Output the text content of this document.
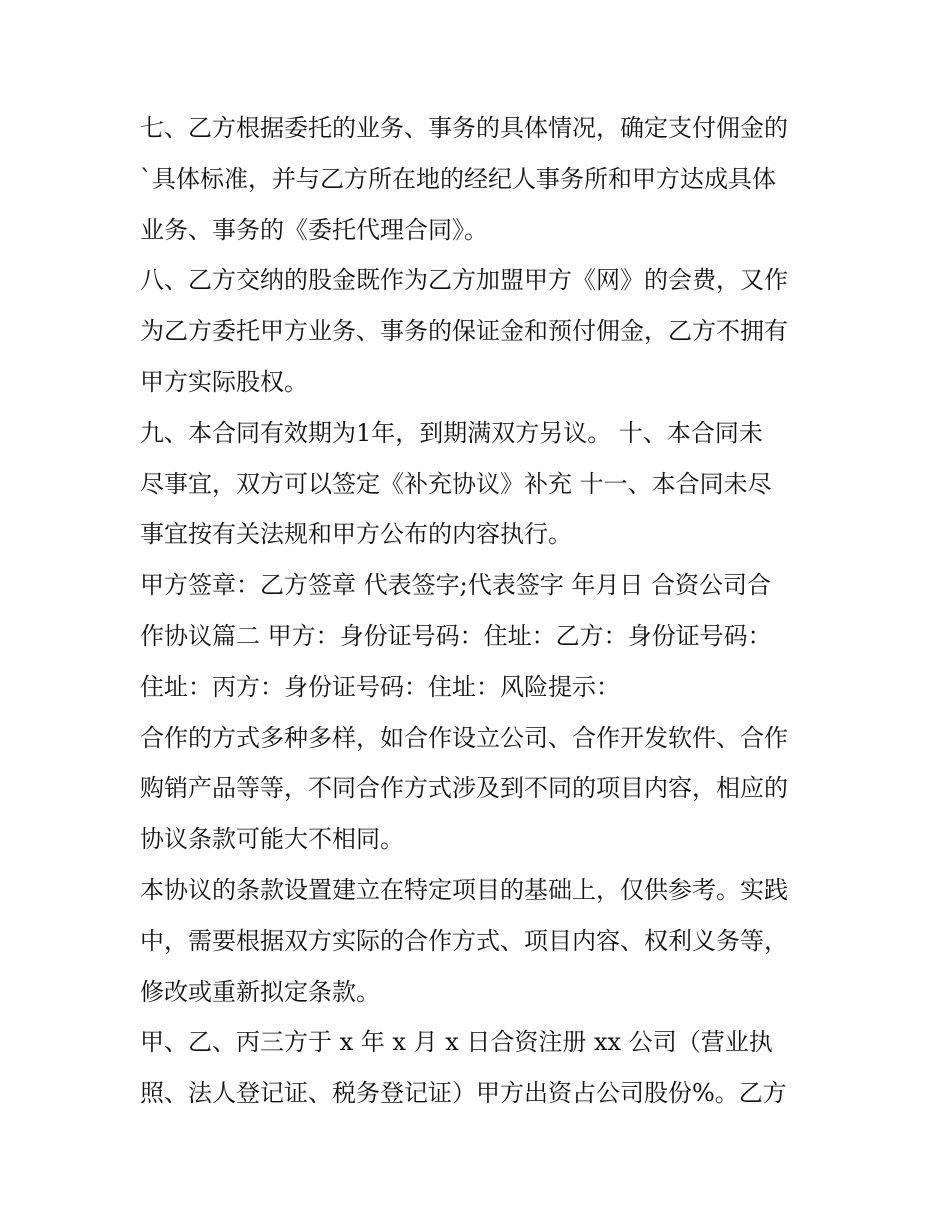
七、乙方根据委托的业务、事务的具体情况，确定支付佣金的
`具体标准，并与乙方所在地的经纪人事务所和甲方达成具体
业务、事务的《委托代理合同》。
八、乙方交纳的股金既作为乙方加盟甲方《网》的会费，又作
为乙方委托甲方业务、事务的保证金和预付佣金，乙方不拥有
甲方实际股权。
九、本合同有效期为1年，到期满双方另议。 十、本合同未
尽事宜，双方可以签定《补充协议》补充 十一、本合同未尽
事宜按有关法规和甲方公布的内容执行。
甲方签章：乙方签章 代表签字;代表签字 年月日 合资公司合
作协议篇二 甲方：身份证号码：住址：乙方：身份证号码：
住址：丙方：身份证号码：住址：风险提示：
合作的方式多种多样，如合作设立公司、合作开发软件、合作
购销产品等等，不同合作方式涉及到不同的项目内容，相应的
协议条款可能大不相同。
本协议的条款设置建立在特定项目的基础上，仅供参考。实践
中，需要根据双方实际的合作方式、项目内容、权利义务等，
修改或重新拟定条款。
甲、乙、丙三方于 x 年 x 月 x 日合资注册 xx 公司（营业执
照、法人登记证、税务登记证）甲方出资占公司股份%。乙方
